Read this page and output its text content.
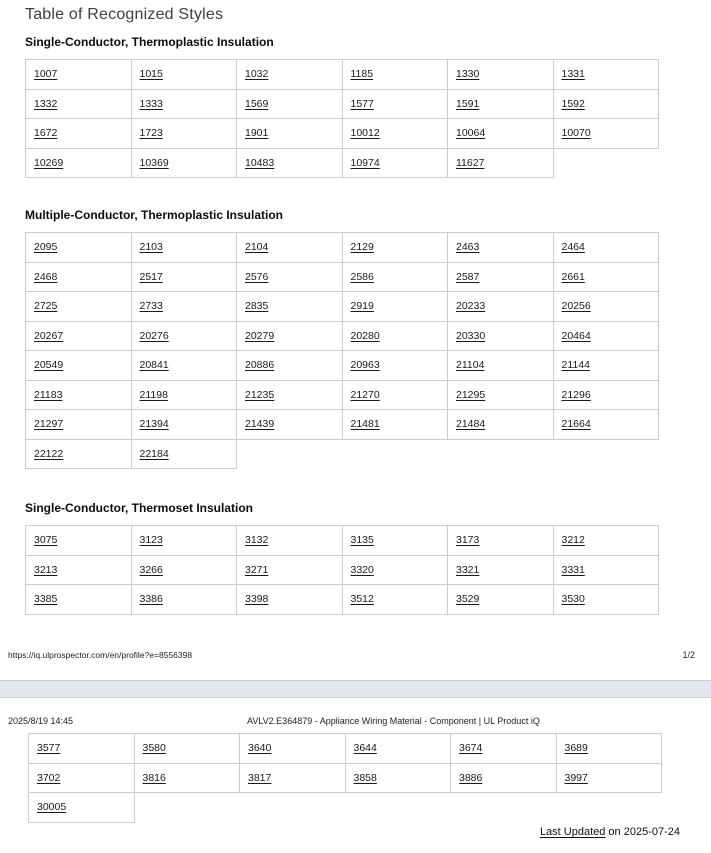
Table of Recognized Styles
Single-Conductor, Thermoplastic Insulation
1007	1015	1032	1185	1330	1331
1332	1333	1569	1577	1591	1592
1672	1723	1901	10012	10064	10070
10269	10369	10483	10974	11627	
Multiple-Conductor, Thermoplastic Insulation
2095	2103	2104	2129	2463	2464
2468	2517	2576	2586	2587	2661
2725	2733	2835	2919	20233	20256
20267	20276	20279	20280	20330	20464
20549	20841	20886	20963	21104	21144
21183	21198	21235	21270	21295	21296
21297	21394	21439	21481	21484	21664
22122	22184				
Single-Conductor, Thermoset Insulation
3075	3123	3132	3135	3173	3212
3213	3266	3271	3320	3321	3331
3385	3386	3398	3512	3529	3530
https://iq.ulprospector.com/en/profile?e=8556398	1/2
2025/8/19 14:45	AVLV2.E364879 - Appliance Wiring Material - Component | UL Product iQ
3577	3580	3640	3644	3674	3689
3702	3816	3817	3858	3886	3997
30005					
Last Updated on 2025-07-24
